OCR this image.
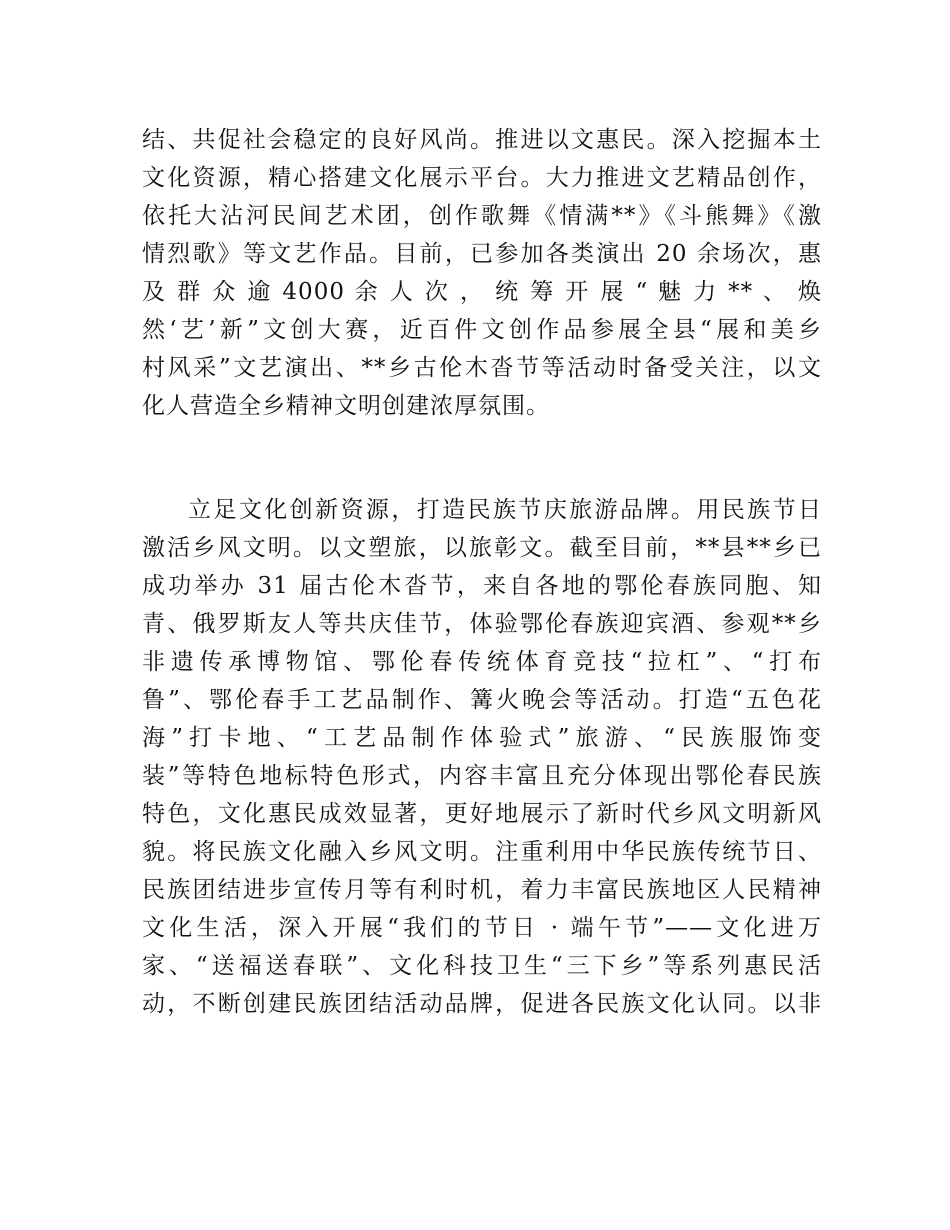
结、共促社会稳定的良好风尚。推进以文惠民。深入挖掘本土
文化资源，精心搭建文化展示平台。大力推进文艺精品创作，
依托大沾河民间艺术团，创作歌舞《情满**》《斗熊舞》《激
情烈歌》等文艺作品。目前，已参加各类演出 20 余场次，惠
及 群 众 逾 4000 余 人 次 ， 统 筹 开 展 “ 魅 力 ** 、 焕
然‘艺’新”文创大赛，近百件文创作品参展全县“展和美乡
村风采”文艺演出、**乡古伦木沓节等活动时备受关注，以文
化人营造全乡精神文明创建浓厚氛围。
立足文化创新资源，打造民族节庆旅游品牌。用民族节日
激活乡风文明。以文塑旅，以旅彰文。截至目前，**县**乡已
成功举办 31 届古伦木沓节，来自各地的鄂伦春族同胞、知
青、俄罗斯友人等共庆佳节，体验鄂伦春族迎宾酒、参观**乡
非遗传承博物馆、鄂伦春传统体育竞技“拉杠”、“打布
鲁”、鄂伦春手工艺品制作、篝火晚会等活动。打造“五色花
海”打卡地、“工艺品制作体验式”旅游、“民族服饰变
装”等特色地标特色形式，内容丰富且充分体现出鄂伦春民族
特色，文化惠民成效显著，更好地展示了新时代乡风文明新风
貌。将民族文化融入乡风文明。注重利用中华民族传统节日、
民族团结进步宣传月等有利时机，着力丰富民族地区人民精神
文化生活，深入开展“我们的节日 · 端午节”——文化进万
家、“送福送春联”、文化科技卫生“三下乡”等系列惠民活
动，不断创建民族团结活动品牌，促进各民族文化认同。以非
